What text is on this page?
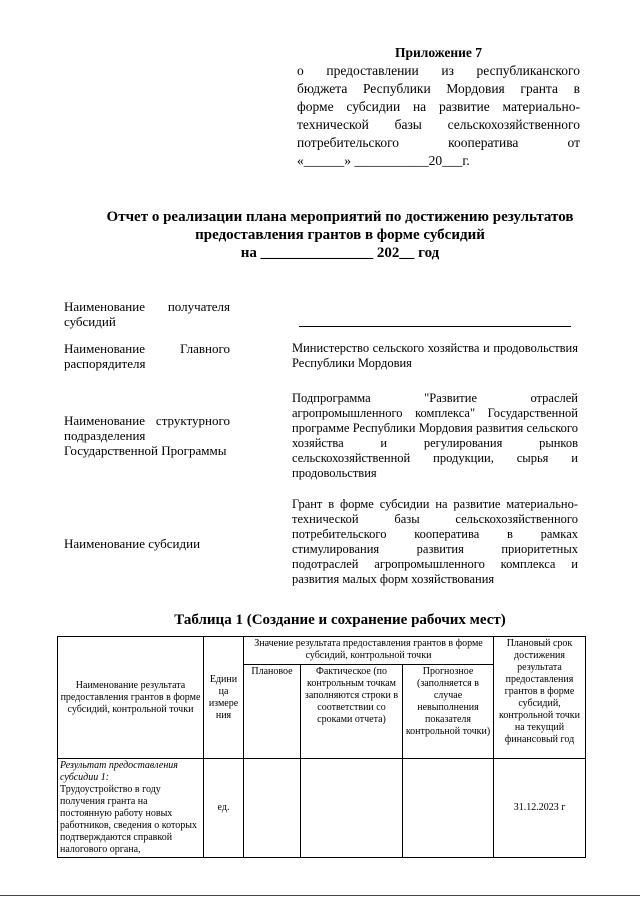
Приложение 7
о предоставлении из республиканского
бюджета Республики Мордовия гранта в
форме субсидии на развитие материально-
технической базы сельскохозяйственного
потребительского кооператива от
«______» ___________20___г.
Отчет о реализации плана мероприятий по достижению результатов
предоставления грантов в форме субсидий
на _______________ 202__ год
Наименование получателя субсидий
Наименование Главного распорядителя
Министерство сельского хозяйства и продовольствия Республики Мордовия
Наименование структурного подразделения Государственной Программы
Подпрограмма "Развитие отраслей агропромышленного комплекса" Государственной программе Республики Мордовия развития сельского хозяйства и регулирования рынков сельскохозяйственной продукции, сырья и продовольствия
Наименование субсидии
Грант в форме субсидии на развитие материально-технической базы сельскохозяйственного потребительского кооператива в рамках стимулирования развития приоритетных подотраслей агропромышленного комплекса и развития малых форм хозяйствования
Таблица 1 (Создание и сохранение рабочих мест)
Наименование результата предоставления грантов в форме субсидий, контрольной точки	Едини ца измере ния	Значение результата предоставления грантов в форме субсидий, контрольной точки			Плановый срок достижения результата предоставления грантов в форме субсидий, контрольной точки на текущий финансовый год
		Плановое	Фактическое (по контрольным точкам заполняются строки в соответствии со сроками отчета)	Прогнозное (заполняется в случае невыполнения показателя контрольной точки)	

Результат предоставления субсидии 1:
Трудоустройство в году получения гранта на постоянную работу новых работников, сведения о которых подтверждаются справкой налогового органа,	ед.				31.12.2023 г
